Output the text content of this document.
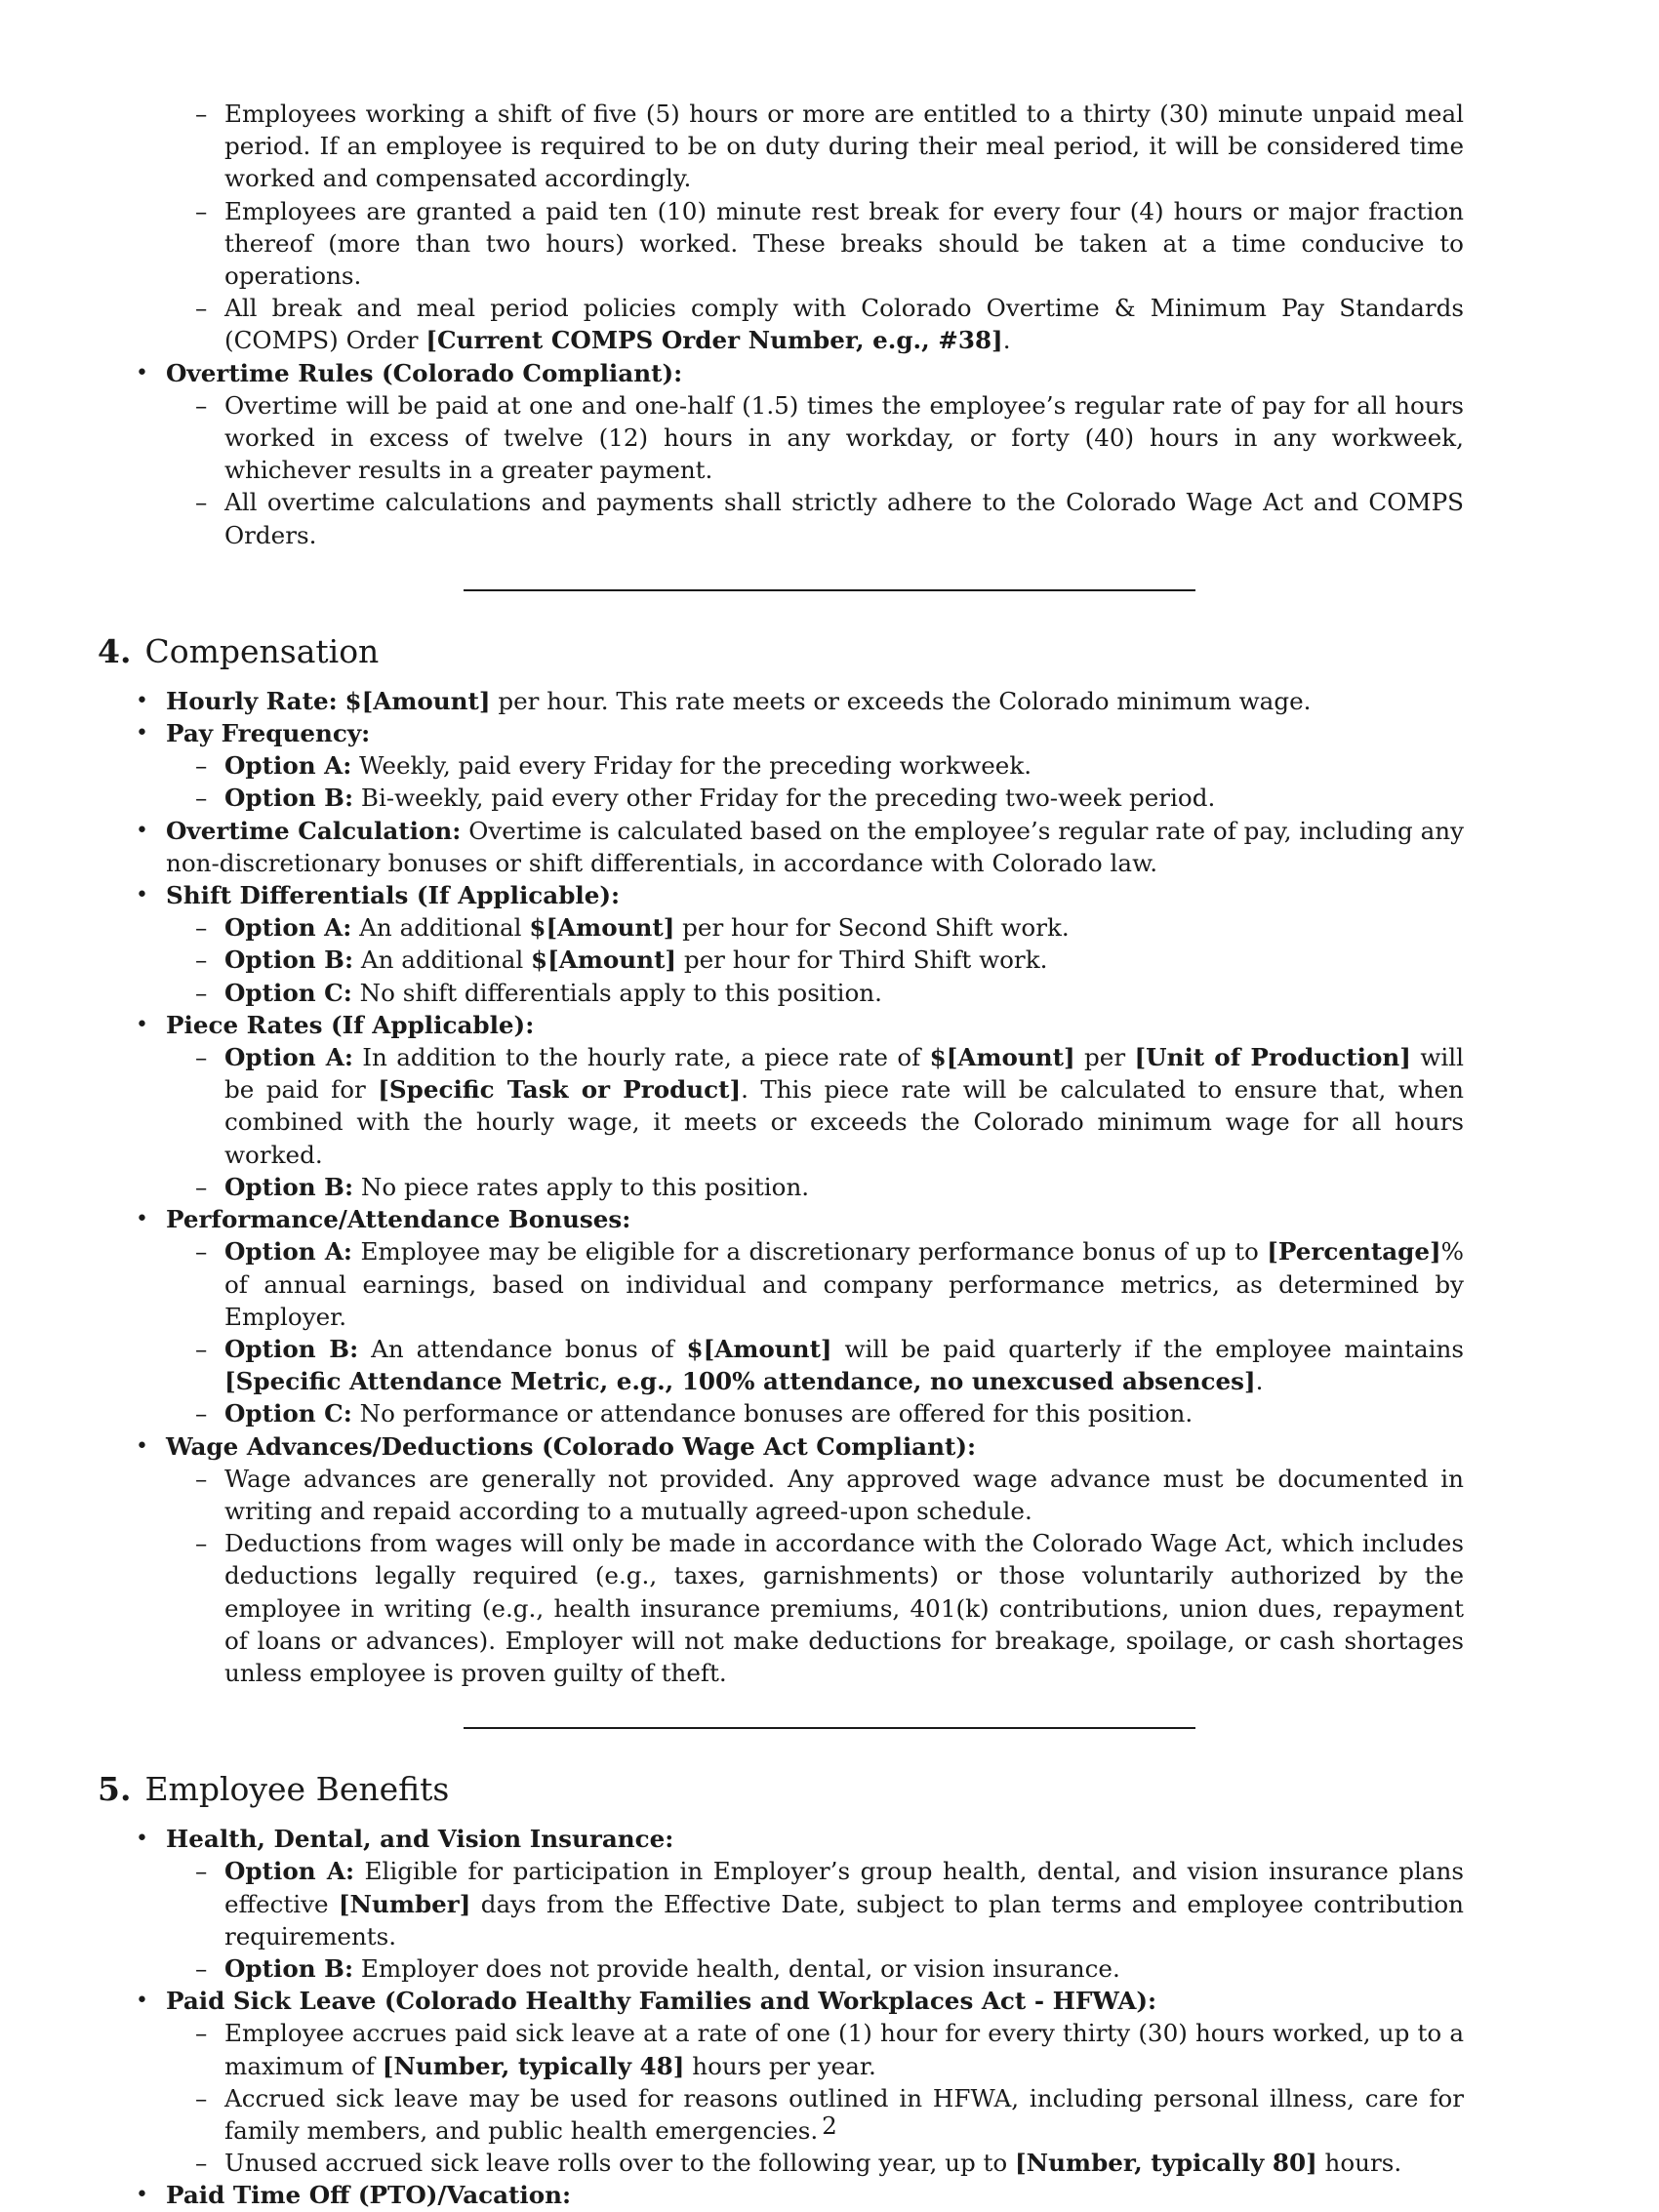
– Employees working a shift of five (5) hours or more are entitled to a thirty (30) minute unpaid meal period. If an employee is required to be on duty during their meal period, it will be considered time worked and compensated accordingly.
– Employees are granted a paid ten (10) minute rest break for every four (4) hours or major fraction thereof (more than two hours) worked. These breaks should be taken at a time conducive to operations.
– All break and meal period policies comply with Colorado Overtime & Minimum Pay Standards (COMPS) Order [Current COMPS Order Number, e.g., #38].
• Overtime Rules (Colorado Compliant):
– Overtime will be paid at one and one-half (1.5) times the employee’s regular rate of pay for all hours worked in excess of twelve (12) hours in any workday, or forty (40) hours in any workweek, whichever results in a greater payment.
– All overtime calculations and payments shall strictly adhere to the Colorado Wage Act and COMPS Orders.
4. Compensation
• Hourly Rate: $[Amount] per hour. This rate meets or exceeds the Colorado minimum wage.
• Pay Frequency:
– Option A: Weekly, paid every Friday for the preceding workweek.
– Option B: Bi-weekly, paid every other Friday for the preceding two-week period.
• Overtime Calculation: Overtime is calculated based on the employee’s regular rate of pay, including any non-discretionary bonuses or shift differentials, in accordance with Colorado law.
• Shift Differentials (If Applicable):
– Option A: An additional $[Amount] per hour for Second Shift work.
– Option B: An additional $[Amount] per hour for Third Shift work.
– Option C: No shift differentials apply to this position.
• Piece Rates (If Applicable):
– Option A: In addition to the hourly rate, a piece rate of $[Amount] per [Unit of Production] will be paid for [Specific Task or Product]. This piece rate will be calculated to ensure that, when combined with the hourly wage, it meets or exceeds the Colorado minimum wage for all hours worked.
– Option B: No piece rates apply to this position.
• Performance/Attendance Bonuses:
– Option A: Employee may be eligible for a discretionary performance bonus of up to [Percentage]% of annual earnings, based on individual and company performance metrics, as determined by Employer.
– Option B: An attendance bonus of $[Amount] will be paid quarterly if the employee maintains [Specific Attendance Metric, e.g., 100% attendance, no unexcused absences].
– Option C: No performance or attendance bonuses are offered for this position.
• Wage Advances/Deductions (Colorado Wage Act Compliant):
– Wage advances are generally not provided. Any approved wage advance must be documented in writing and repaid according to a mutually agreed-upon schedule.
– Deductions from wages will only be made in accordance with the Colorado Wage Act, which includes deductions legally required (e.g., taxes, garnishments) or those voluntarily authorized by the employee in writing (e.g., health insurance premiums, 401(k) contributions, union dues, repayment of loans or advances). Employer will not make deductions for breakage, spoilage, or cash shortages unless employee is proven guilty of theft.
5. Employee Benefits
• Health, Dental, and Vision Insurance:
– Option A: Eligible for participation in Employer’s group health, dental, and vision insurance plans effective [Number] days from the Effective Date, subject to plan terms and employee contribution requirements.
– Option B: Employer does not provide health, dental, or vision insurance.
• Paid Sick Leave (Colorado Healthy Families and Workplaces Act - HFWA):
– Employee accrues paid sick leave at a rate of one (1) hour for every thirty (30) hours worked, up to a maximum of [Number, typically 48] hours per year.
– Accrued sick leave may be used for reasons outlined in HFWA, including personal illness, care for family members, and public health emergencies.
– Unused accrued sick leave rolls over to the following year, up to [Number, typically 80] hours.
• Paid Time Off (PTO)/Vacation:
2
